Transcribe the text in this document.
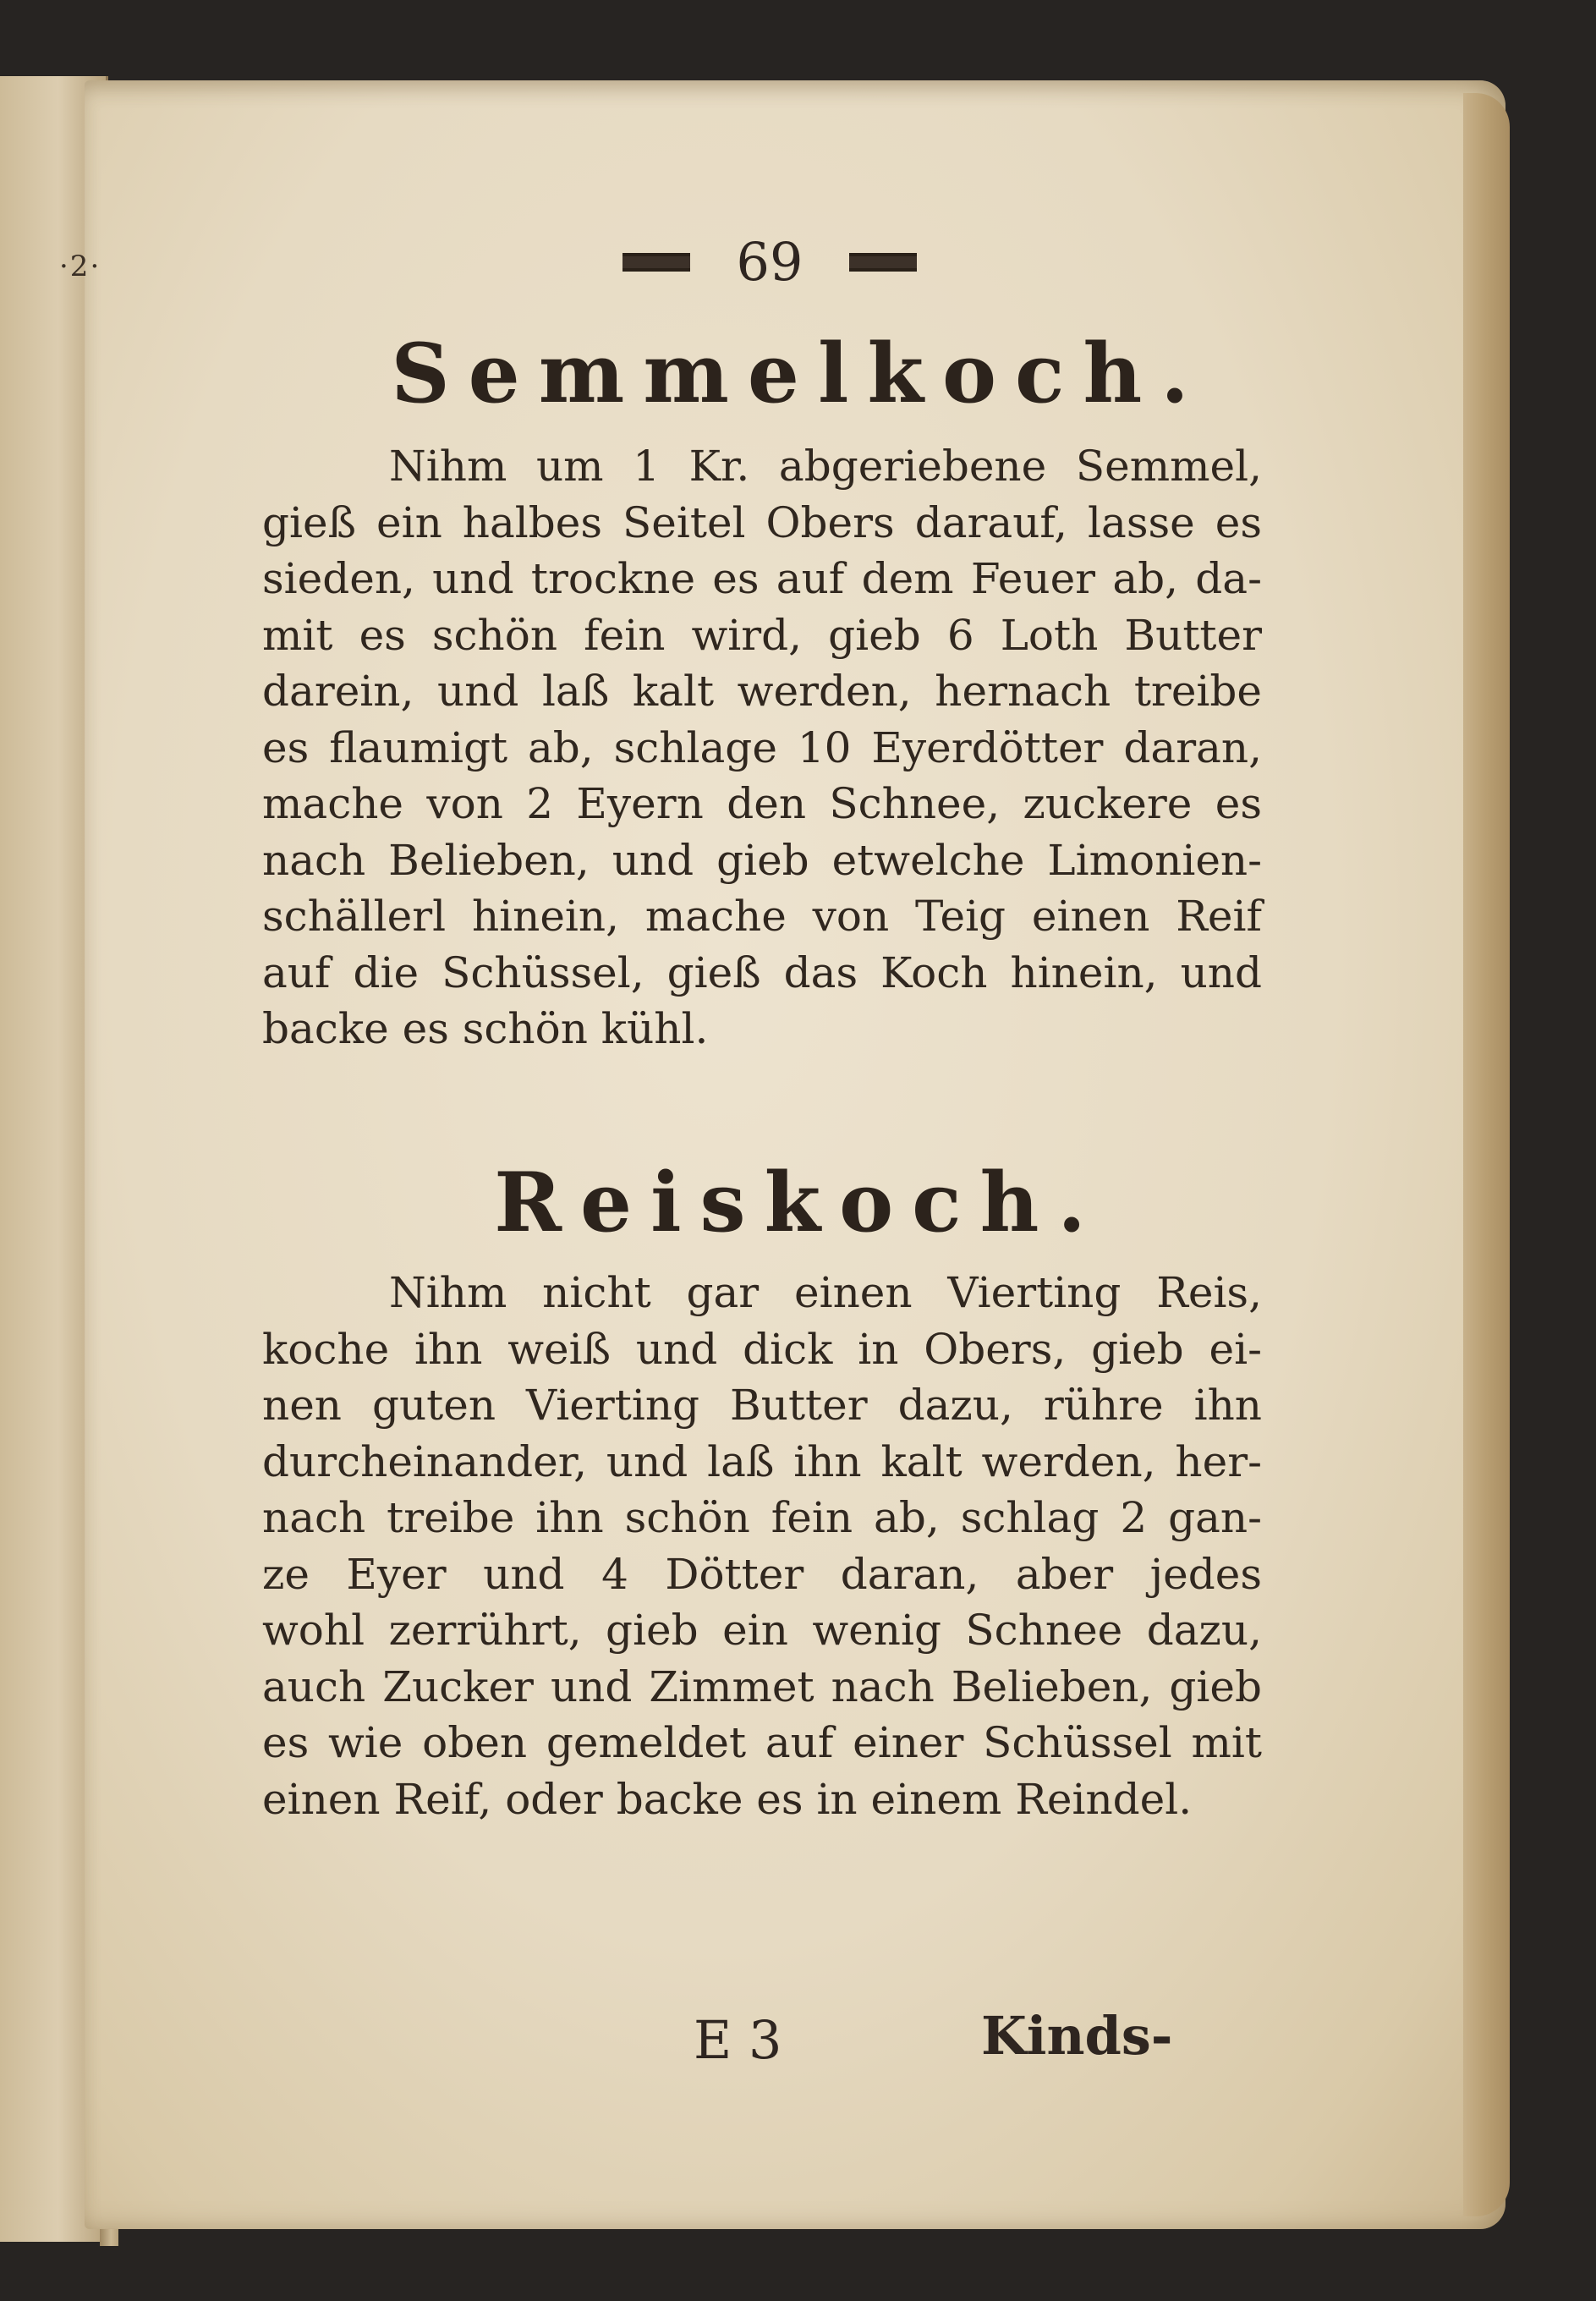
·2·	69
Semmelkoch.
Nihm um 1 Kr. abgeriebene Semmel,
gieß ein halbes Seitel Obers darauf, lasse es
sieden, und trockne es auf dem Feuer ab, da-
mit es schön fein wird, gieb 6 Loth Butter
darein, und laß kalt werden, hernach treibe
es flaumigt ab, schlage 10 Eyerdötter daran,
mache von 2 Eyern den Schnee, zuckere es
nach Belieben, und gieb etwelche Limonien-
schällerl hinein, mache von Teig einen Reif
auf die Schüssel, gieß das Koch hinein, und
backe es schön kühl.
Reiskoch.
Nihm nicht gar einen Vierting Reis,
koche ihn weiß und dick in Obers, gieb ei-
nen guten Vierting Butter dazu, rühre ihn
durcheinander, und laß ihn kalt werden, her-
nach treibe ihn schön fein ab, schlag 2 gan-
ze Eyer und 4 Dötter daran, aber jedes
wohl zerrührt, gieb ein wenig Schnee dazu,
auch Zucker und Zimmet nach Belieben, gieb
es wie oben gemeldet auf einer Schüssel mit
einen Reif, oder backe es in einem Reindel.
E 3	Kinds-
